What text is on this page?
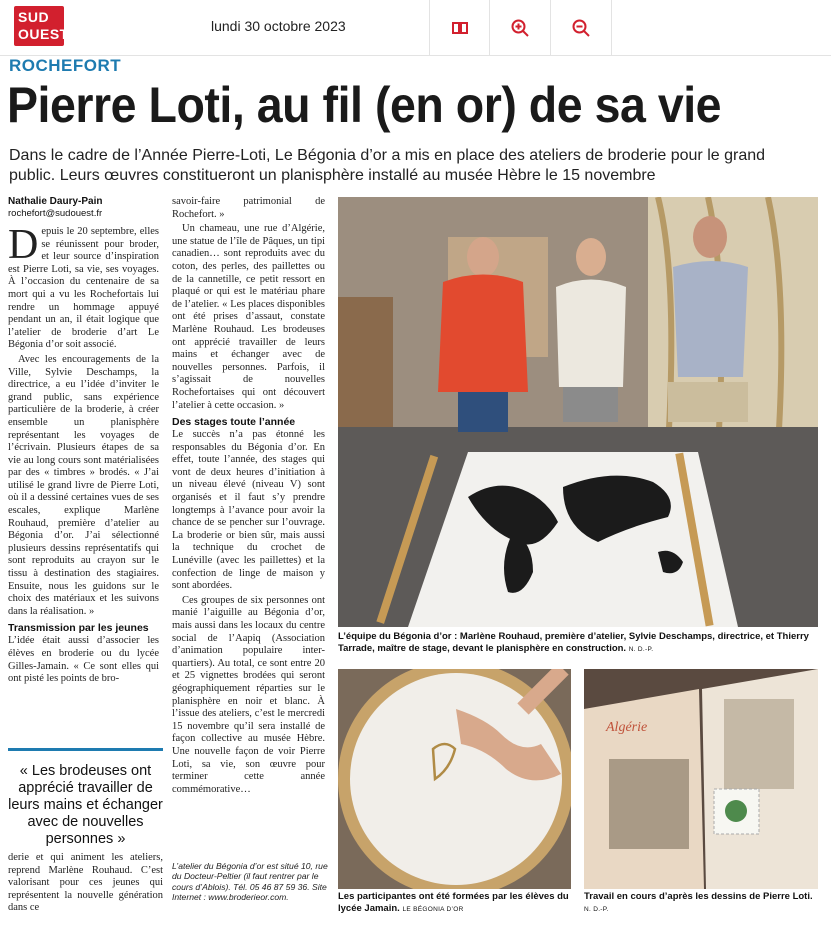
SUD
OUEST	lundi 30 octobre 2023
ROCHEFORT
Pierre Loti, au fil (en or) de sa vie
Dans le cadre de l’Année Pierre-Loti, Le Bégonia d’or a mis en place des ateliers de broderie pour le grand public. Leurs œuvres constitueront un planisphère installé au musée Hèbre le 15 novembre
Nathalie Daury-Pain
rochefort@sudouest.fr
D epuis le 20 septembre, elles se réunissent pour broder, et leur source d’inspiration est Pierre Loti, sa vie, ses voyages. À l’occasion du centenaire de sa mort qui a vu les Rochefortais lui rendre un hommage appuyé pendant un an, il était logique que l’atelier de broderie d’art Le Bégonia d’or soit associé.

Avec les encouragements de la Ville, Sylvie Deschamps, la directrice, a eu l’idée d’inviter le grand public, sans expérience particulière de la broderie, à créer ensemble un planisphère représentant les voyages de l’écrivain. Plusieurs étapes de sa vie au long cours sont matérialisées par des « timbres » brodés. « J’ai utilisé le grand livre de Pierre Loti, où il a dessiné certaines vues de ses escales, explique Marlène Rouhaud, première d’atelier au Bégonia d’or. J’ai sélectionné plusieurs dessins représentatifs qui sont reproduits au crayon sur le tissu à destination des stagiaires. Ensuite, nous les guidons sur le choix des matériaux et les suivons dans la réalisation. »

Transmission par les jeunes

L’idée était aussi d’associer les élèves en broderie ou du lycée Gilles-Jamain. « Ce sont elles qui ont pisté les points de bro-

« Les brodeuses ont apprécié travailler de leurs mains et échanger avec de nouvelles personnes »

derie et qui animent les ateliers, reprend Marlène Rouhaud. C’est valorisant pour ces jeunes qui représentent la nouvelle génération dans ce

savoir-faire patrimonial de Rochefort. »

Un chameau, une rue d’Algérie, une statue de l’île de Pâques, un tipi canadien… sont reproduits avec du coton, des perles, des paillettes ou de la cannetille, ce petit ressort en plaqué or qui est le matériau phare de l’atelier. « Les places disponibles ont été prises d’assaut, constate Marlène Rouhaud. Les brodeuses ont apprécié travailler de leurs mains et échanger avec de nouvelles personnes. Parfois, il s’agissait de nouvelles Rochefortaises qui ont découvert l’atelier à cette occasion. »

Des stages toute l’année

Le succès n’a pas étonné les responsables du Bégonia d’or. En effet, toute l’année, des stages qui vont de deux heures d’initiation à un niveau élevé (niveau V) sont organisés et il faut s’y prendre longtemps à l’avance pour avoir la chance de se pencher sur l’ouvrage. La broderie or bien sûr, mais aussi la technique du crochet de Lunéville (avec les paillettes) et la confection de linge de maison y sont abordées.

Ces groupes de six personnes ont manié l’aiguille au Bégonia d’or, mais aussi dans les locaux du centre social de l’Aapiq (Association d’animation populaire inter-quartiers). Au total, ce sont entre 20 et 25 vignettes brodées qui seront géographiquement réparties sur le planisphère en noir et blanc. À l’issue des ateliers, c’est le mercredi 15 novembre qu’il sera installé de façon collective au musée Hèbre. Une nouvelle façon de voir Pierre Loti, sa vie, son œuvre pour terminer cette année commémorative…

L’atelier du Bégonia d’or est situé 10, rue du Docteur-Peltier (il faut rentrer par le cours d’Ablois). Tél. 05 46 87 59 36. Site Internet : www.broderieor.com.
L’équipe du Bégonia d’or : Marlène Rouhaud, première d’atelier, Sylvie Deschamps, directrice, et Thierry Tarrade, maître de stage, devant le planisphère en construction. N. D.-P.
Les participantes ont été formées par les élèves du lycée Jamain. LE BÉGONIA D’OR
Algérie
Travail en cours d’après les dessins de Pierre Loti. N. D.-P.
